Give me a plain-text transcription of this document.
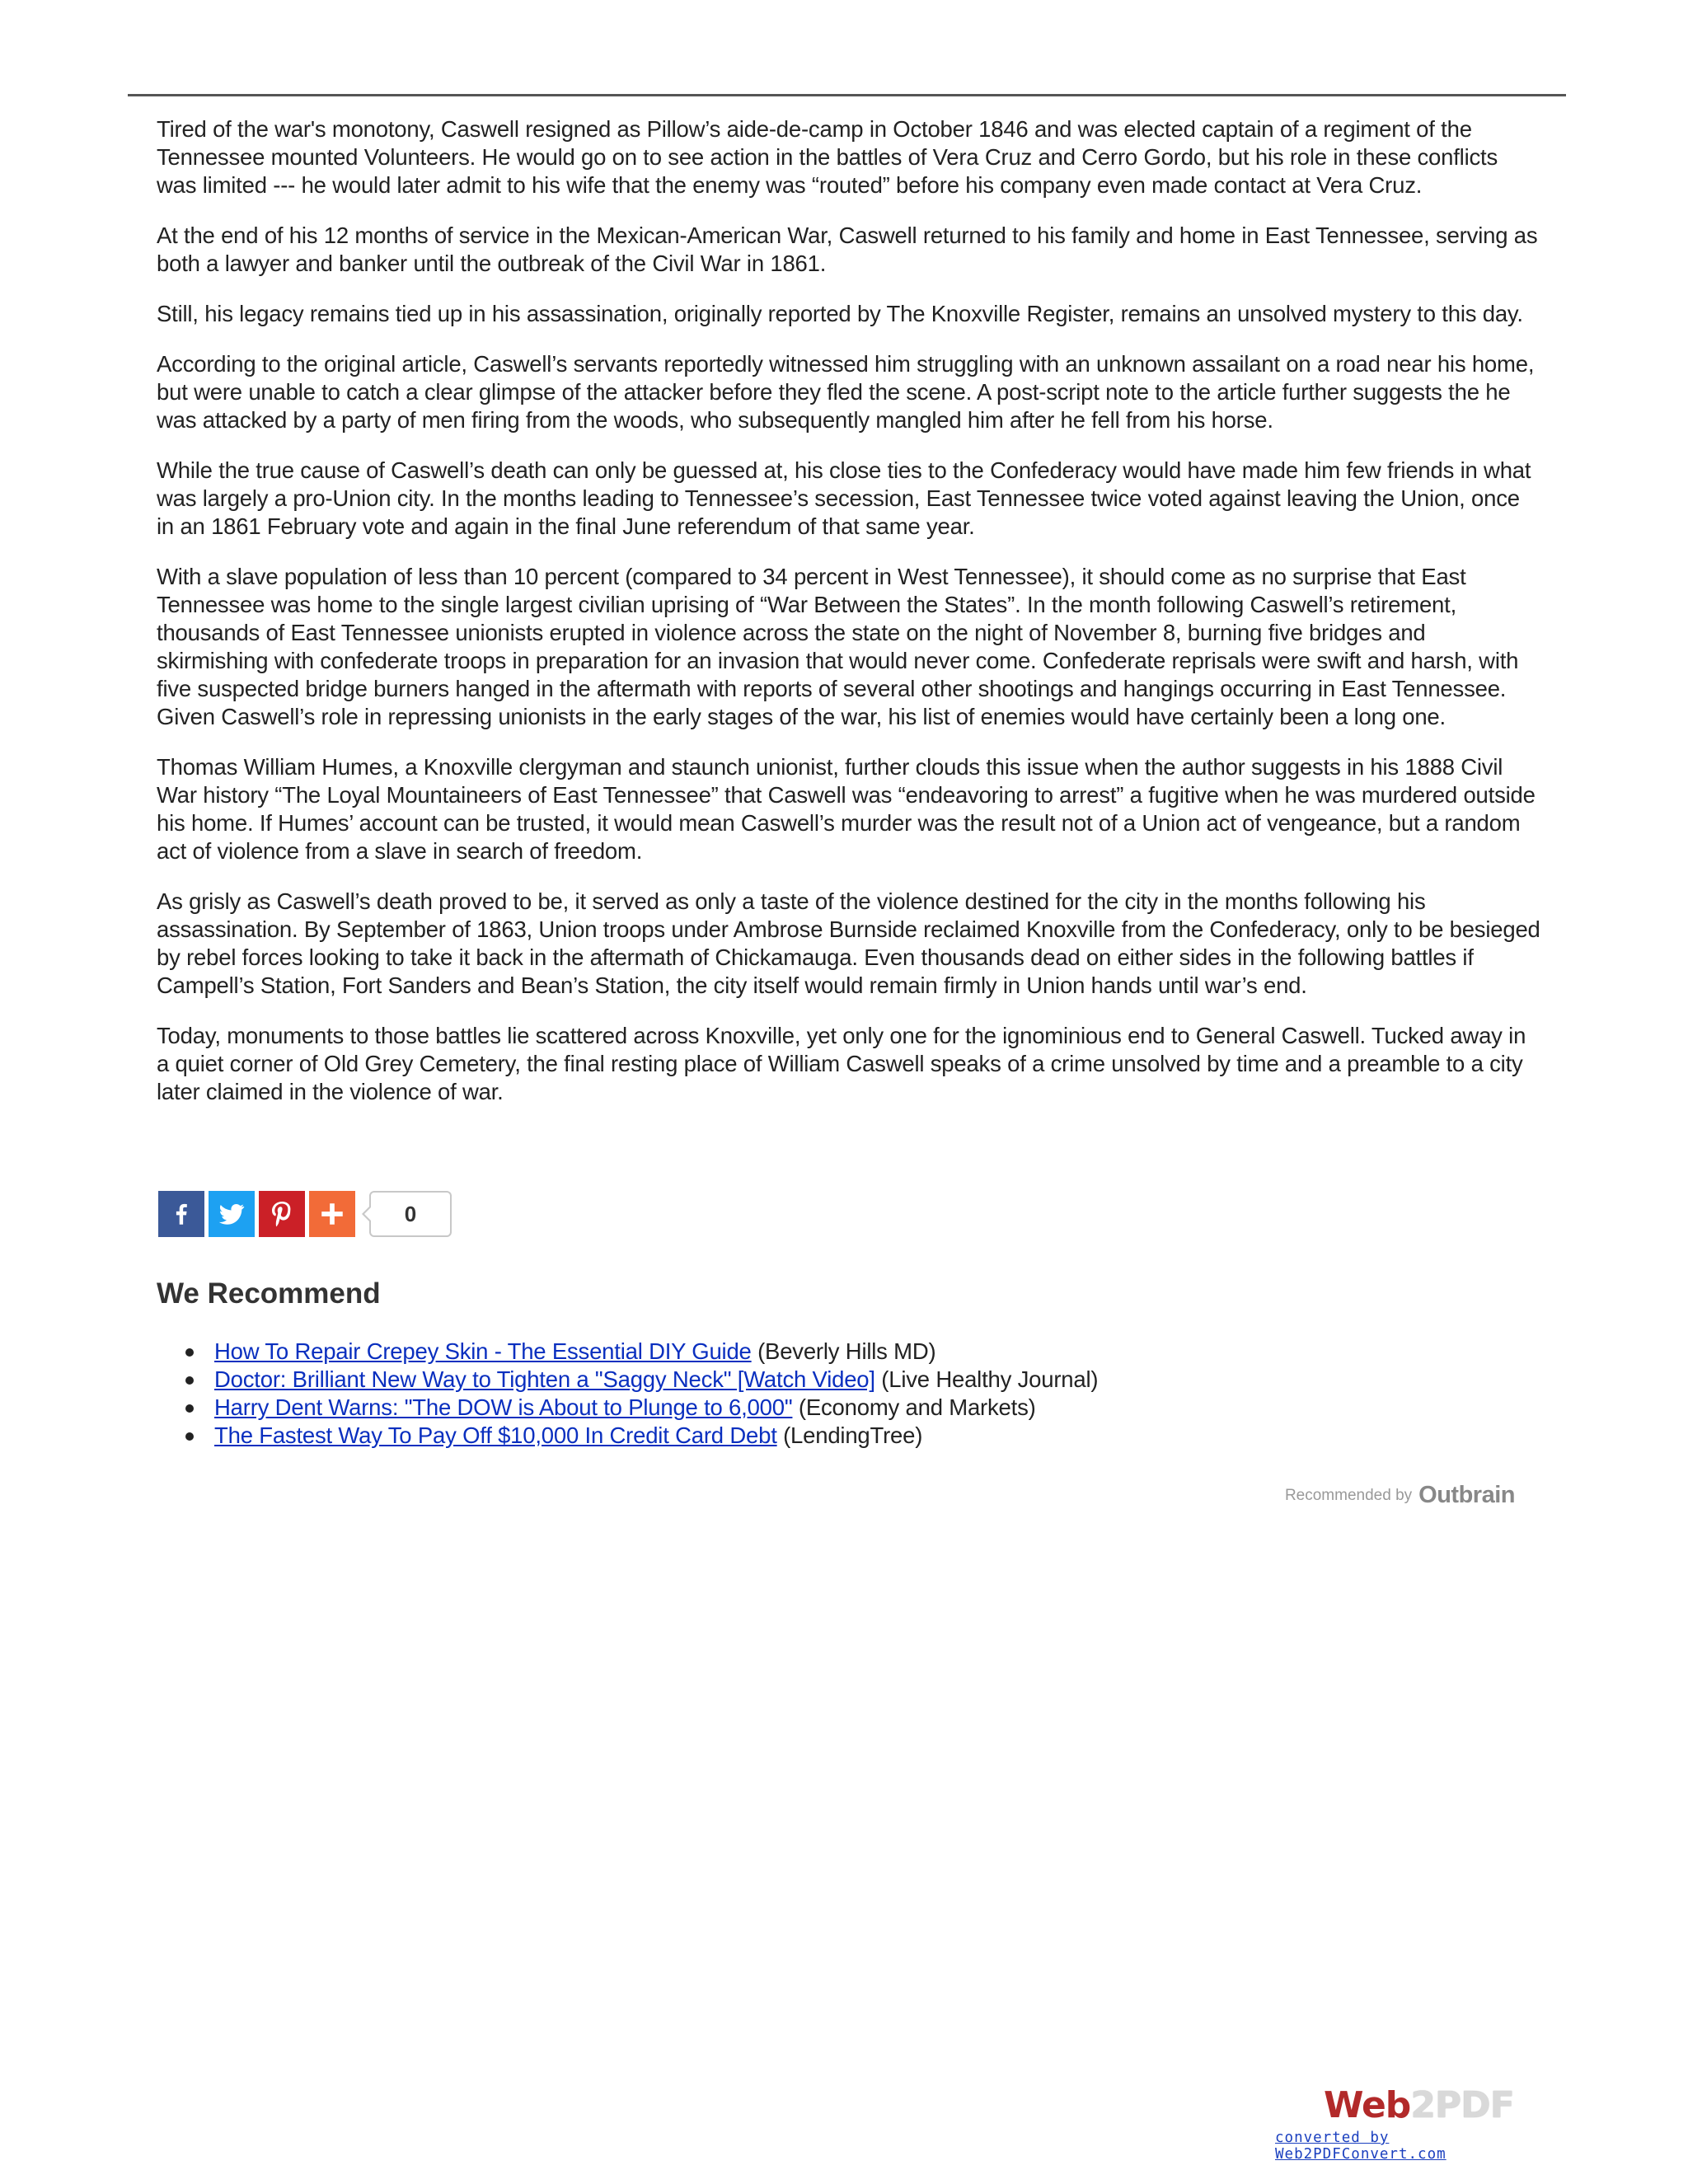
Tired of the war's monotony, Caswell resigned as Pillow’s aide-de-camp in October 1846 and was elected captain of a regiment of the Tennessee mounted Volunteers. He would go on to see action in the battles of Vera Cruz and Cerro Gordo, but his role in these conflicts was limited --- he would later admit to his wife that the enemy was “routed” before his company even made contact at Vera Cruz.

At the end of his 12 months of service in the Mexican-American War, Caswell returned to his family and home in East Tennessee, serving as both a lawyer and banker until the outbreak of the Civil War in 1861.

Still, his legacy remains tied up in his assassination, originally reported by The Knoxville Register, remains an unsolved mystery to this day.

According to the original article, Caswell’s servants reportedly witnessed him struggling with an unknown assailant on a road near his home, but were unable to catch a clear glimpse of the attacker before they fled the scene. A post-script note to the article further suggests the he was attacked by a party of men firing from the woods, who subsequently mangled him after he fell from his horse.

While the true cause of Caswell’s death can only be guessed at, his close ties to the Confederacy would have made him few friends in what was largely a pro-Union city. In the months leading to Tennessee’s secession, East Tennessee twice voted against leaving the Union, once in an 1861 February vote and again in the final June referendum of that same year.

With a slave population of less than 10 percent (compared to 34 percent in West Tennessee), it should come as no surprise that East Tennessee was home to the single largest civilian uprising of “War Between the States”. In the month following Caswell’s retirement, thousands of East Tennessee unionists erupted in violence across the state on the night of November 8, burning five bridges and skirmishing with confederate troops in preparation for an invasion that would never come. Confederate reprisals were swift and harsh, with five suspected bridge burners hanged in the aftermath with reports of several other shootings and hangings occurring in East Tennessee. Given Caswell’s role in repressing unionists in the early stages of the war, his list of enemies would have certainly been a long one.

Thomas William Humes, a Knoxville clergyman and staunch unionist, further clouds this issue when the author suggests in his 1888 Civil War history “The Loyal Mountaineers of East Tennessee” that Caswell was “endeavoring to arrest” a fugitive when he was murdered outside his home. If Humes’ account can be trusted, it would mean Caswell’s murder was the result not of a Union act of vengeance, but a random act of violence from a slave in search of freedom.

As grisly as Caswell’s death proved to be, it served as only a taste of the violence destined for the city in the months following his assassination. By September of 1863, Union troops under Ambrose Burnside reclaimed Knoxville from the Confederacy, only to be besieged by rebel forces looking to take it back in the aftermath of Chickamauga. Even thousands dead on either sides in the following battles if Campell’s Station, Fort Sanders and Bean’s Station, the city itself would remain firmly in Union hands until war’s end.

Today, monuments to those battles lie scattered across Knoxville, yet only one for the ignominious end to General Caswell. Tucked away in a quiet corner of Old Grey Cemetery, the final resting place of William Caswell speaks of a crime unsolved by time and a preamble to a city later claimed in the violence of war.

0
We Recommend
How To Repair Crepey Skin - The Essential DIY Guide (Beverly Hills MD)
Doctor: Brilliant New Way to Tighten a "Saggy Neck" [Watch Video] (Live Healthy Journal)
Harry Dent Warns: "The DOW is About to Plunge to 6,000" (Economy and Markets)
The Fastest Way To Pay Off $10,000 In Credit Card Debt (LendingTree)
Recommended by Outbrain
Web 2PDF
converted by Web2PDFConvert.com
